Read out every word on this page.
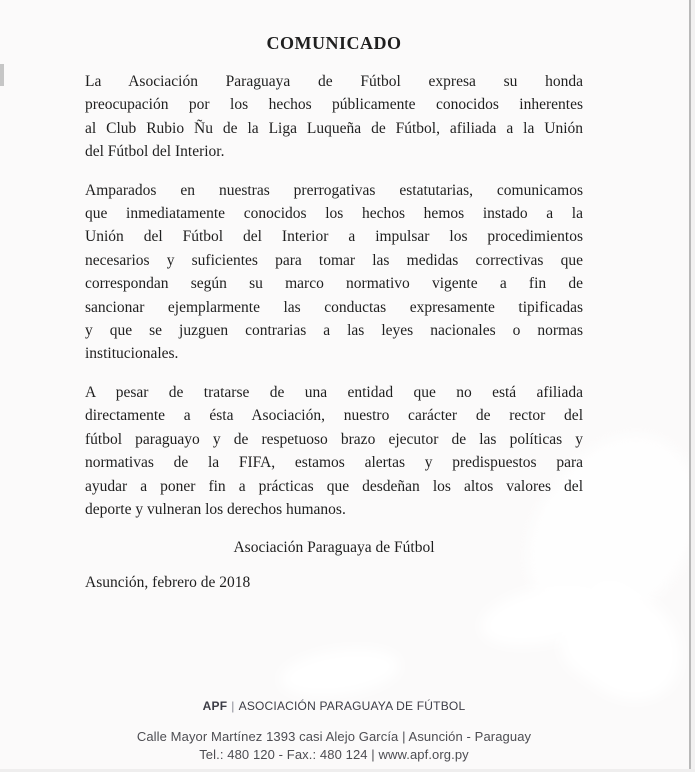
COMUNICADO
La Asociación Paraguaya de Fútbol expresa su honda
preocupación por los hechos públicamente conocidos inherentes
al Club Rubio Ñu de la Liga Luqueña de Fútbol, afiliada a la Unión
del Fútbol del Interior.
Amparados en nuestras prerrogativas estatutarias, comunicamos
que inmediatamente conocidos los hechos hemos instado a la
Unión del Fútbol del Interior a impulsar los procedimientos
necesarios y suficientes para tomar las medidas correctivas que
correspondan según su marco normativo vigente a fin de
sancionar ejemplarmente las conductas expresamente tipificadas
y que se juzguen contrarias a las leyes nacionales o normas
institucionales.
A pesar de tratarse de una entidad que no está afiliada
directamente a ésta Asociación, nuestro carácter de rector del
fútbol paraguayo y de respetuoso brazo ejecutor de las políticas y
normativas de la FIFA, estamos alertas y predispuestos para
ayudar a poner fin a prácticas que desdeñan los altos valores del
deporte y vulneran los derechos humanos.
Asociación Paraguaya de Fútbol
Asunción, febrero de 2018
APF | ASOCIACIÓN PARAGUAYA DE FÚTBOL
Calle Mayor Martínez 1393 casi Alejo García | Asunción - Paraguay
Tel.: 480 120 - Fax.: 480 124 | www.apf.org.py
